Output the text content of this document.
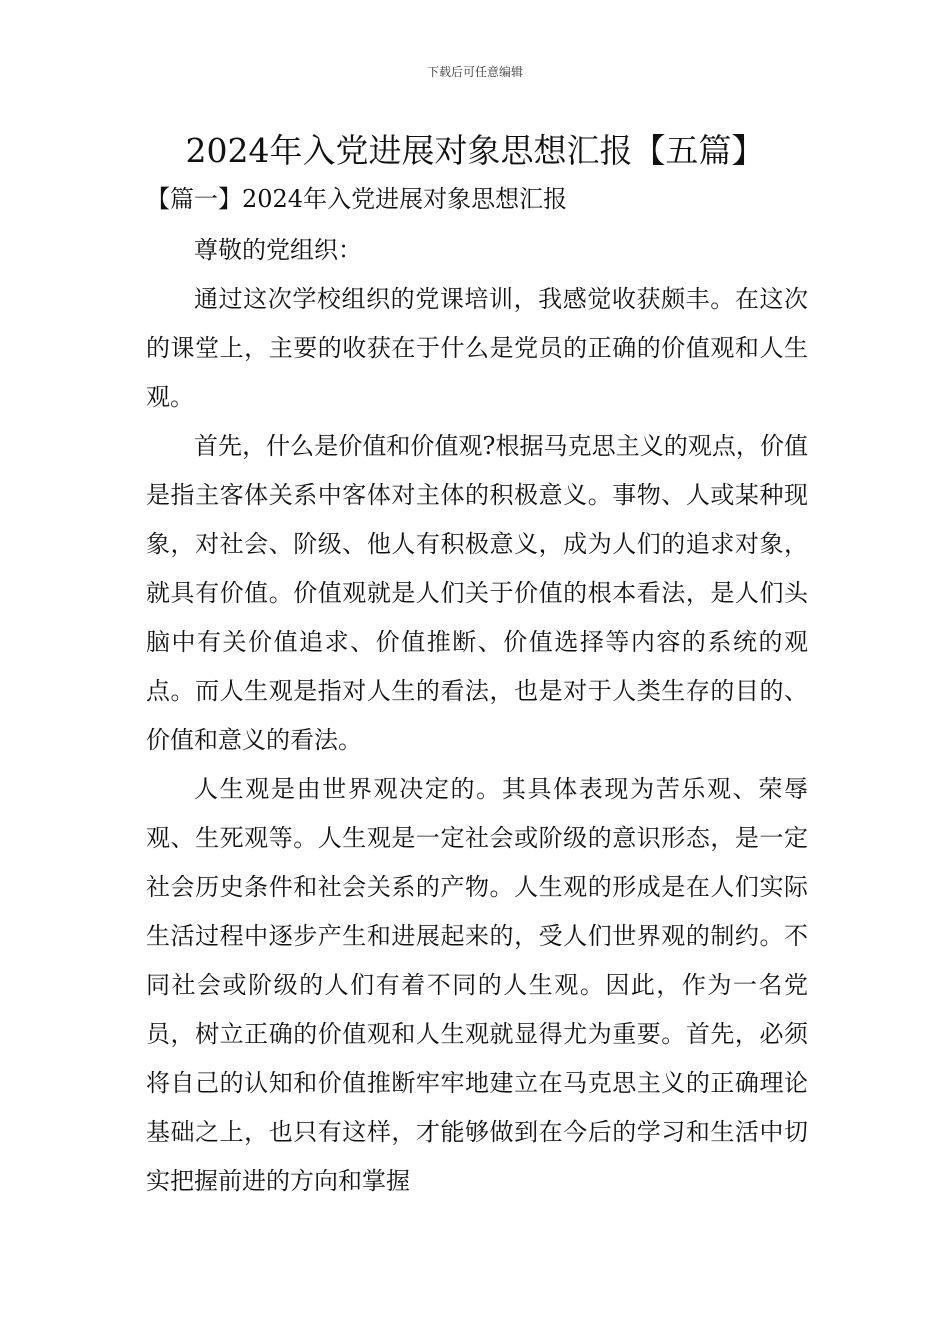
下载后可任意编辑
2024年入党进展对象思想汇报【五篇】
【篇一】2024年入党进展对象思想汇报

尊敬的党组织：

通过这次学校组织的党课培训，我感觉收获颇丰。在这次的课堂上，主要的收获在于什么是党员的正确的价值观和人生观。

首先，什么是价值和价值观?根据马克思主义的观点，价值是指主客体关系中客体对主体的积极意义。事物、人或某种现象，对社会、阶级、他人有积极意义，成为人们的追求对象，就具有价值。价值观就是人们关于价值的根本看法，是人们头脑中有关价值追求、价值推断、价值选择等内容的系统的观点。而人生观是指对人生的看法，也是对于人类生存的目的、价值和意义的看法。

人生观是由世界观决定的。其具体表现为苦乐观、荣辱观、生死观等。人生观是一定社会或阶级的意识形态，是一定社会历史条件和社会关系的产物。人生观的形成是在人们实际生活过程中逐步产生和进展起来的，受人们世界观的制约。不同社会或阶级的人们有着不同的人生观。因此，作为一名党员，树立正确的价值观和人生观就显得尤为重要。首先，必须将自己的认知和价值推断牢牢地建立在马克思主义的正确理论基础之上，也只有这样，才能够做到在今后的学习和生活中切实把握前进的方向和掌握
